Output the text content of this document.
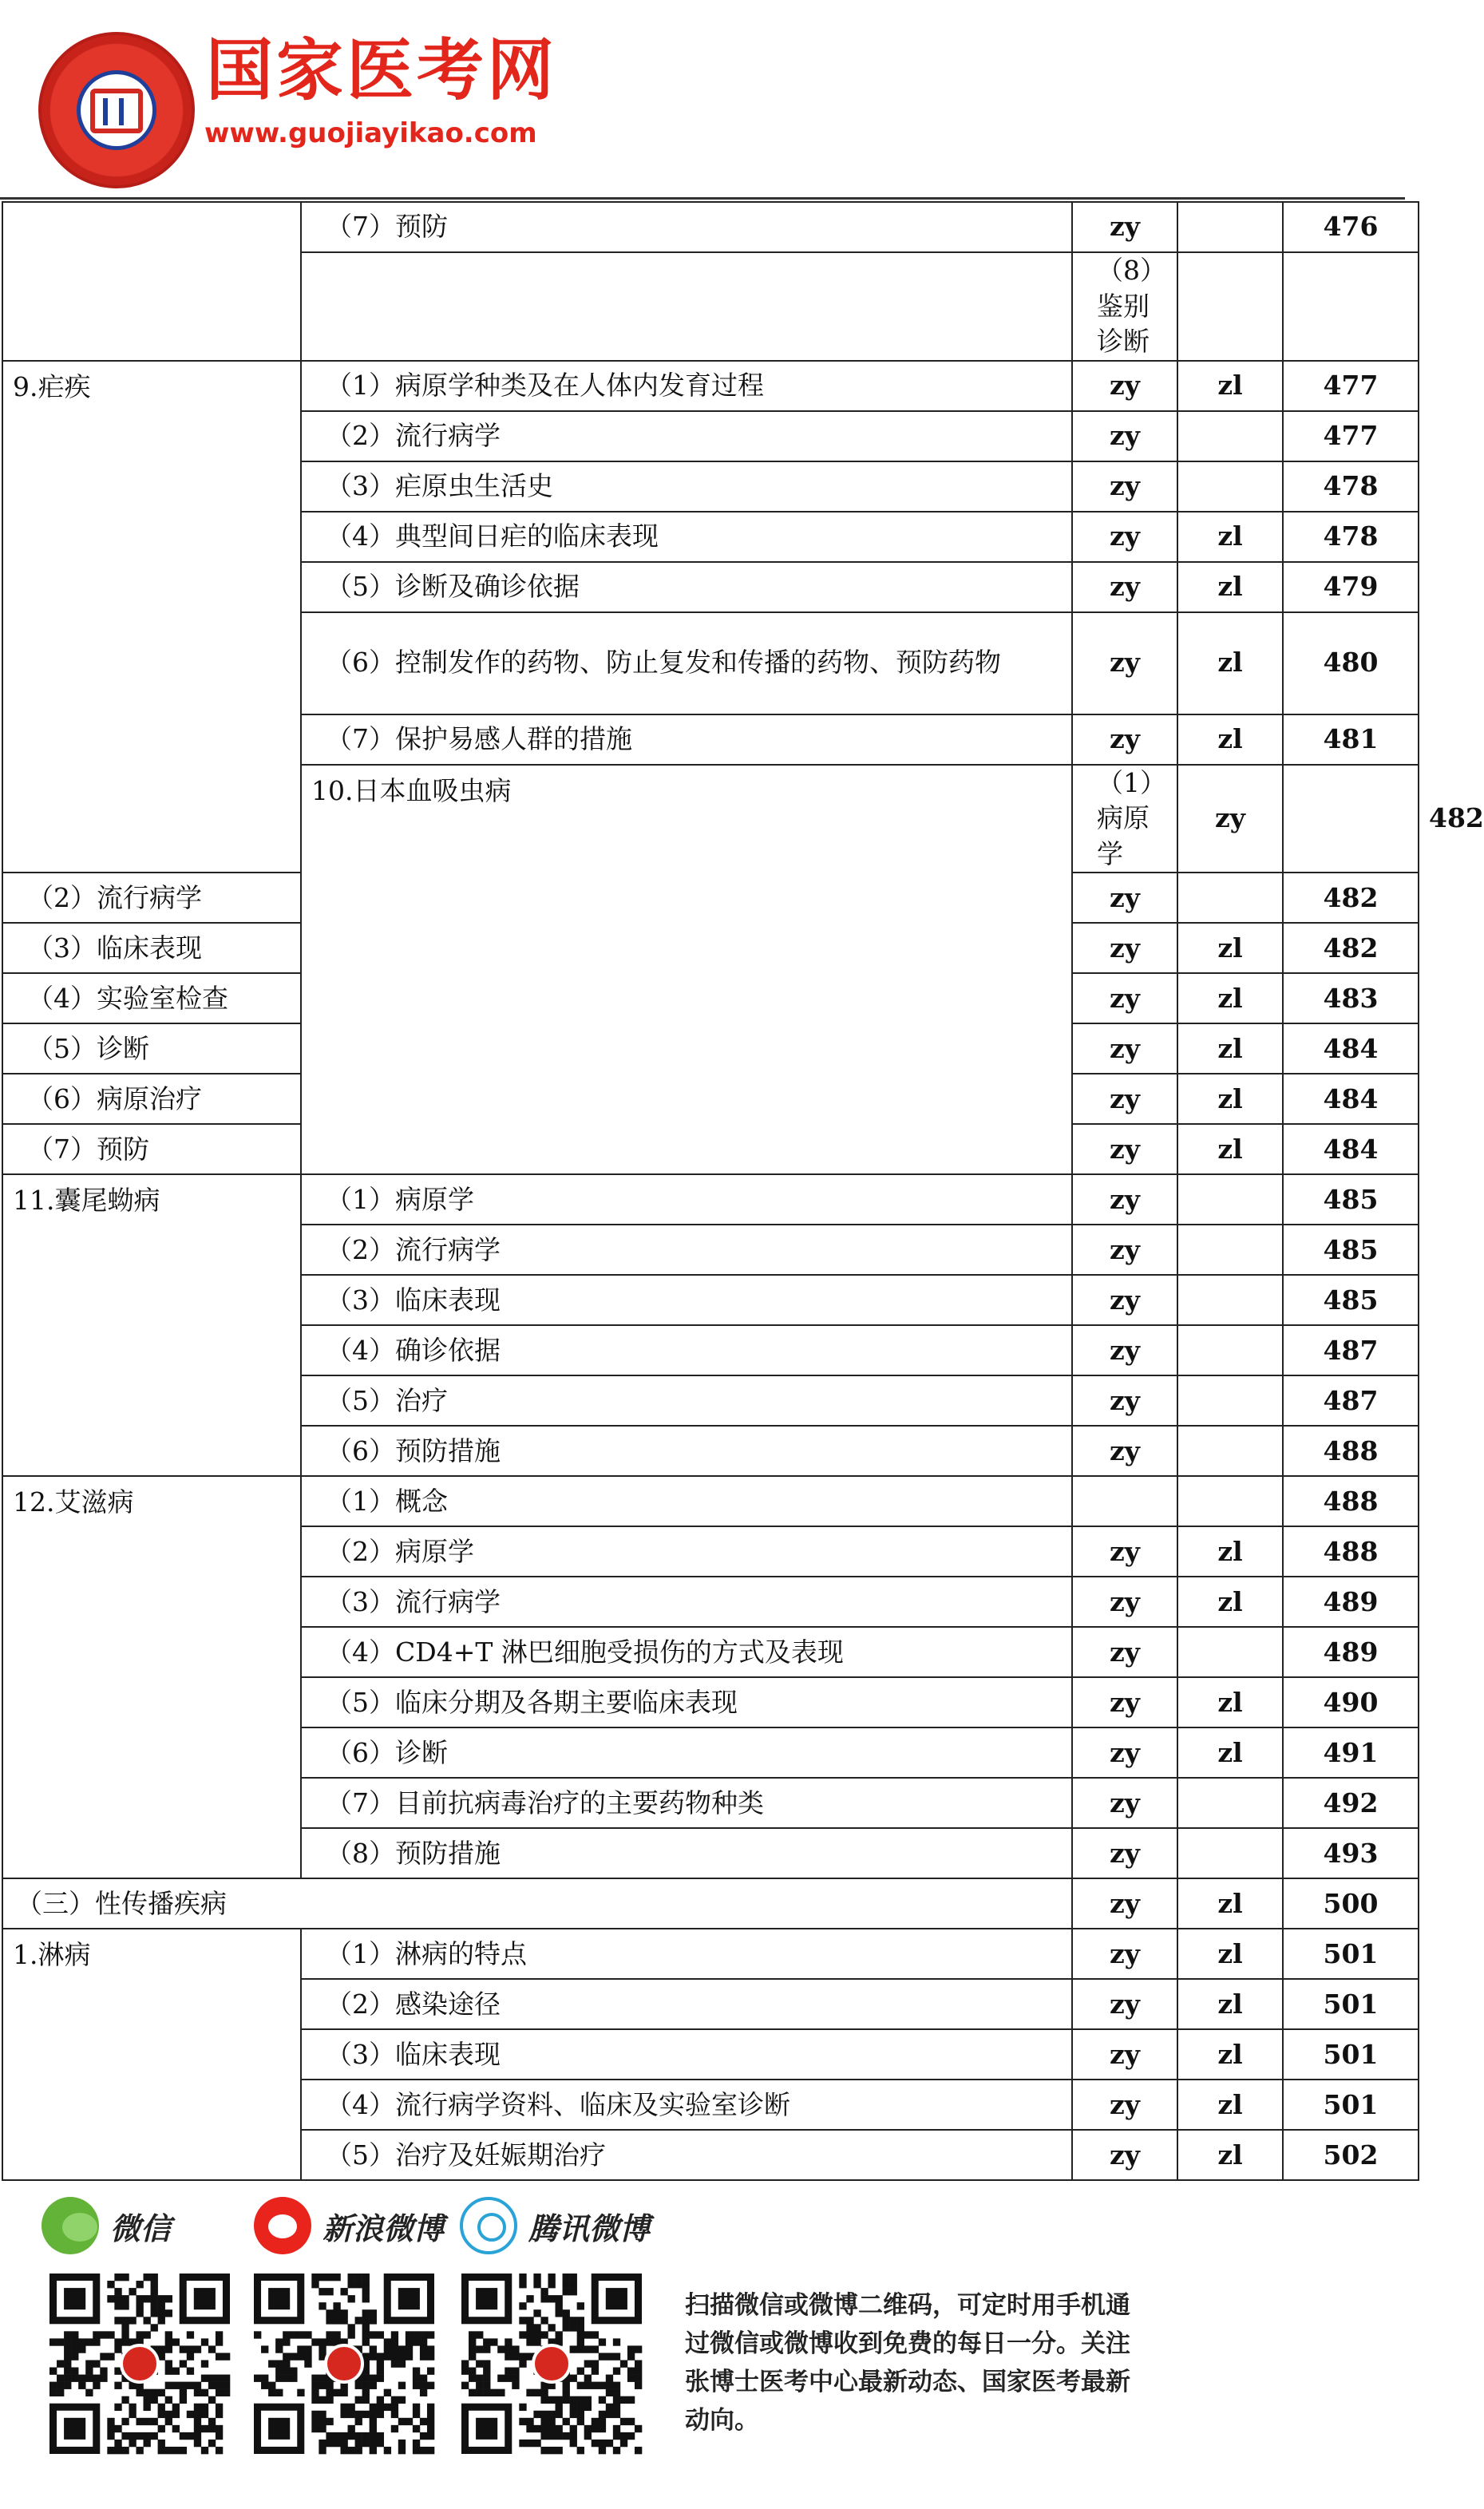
国家医考网
www.guojiayikao.com
	（7）预防	zy		476	
		（8）鉴别诊断			
9.疟疾	（1）病原学种类及在人体内发育过程	zy	zl	477	
	（2）流行病学	zy		477	
	（3）疟原虫生活史	zy		478	
	（4）典型间日疟的临床表现	zy	zl	478	
	（5）诊断及确诊依据	zy	zl	479	
	（6）控制发作的药物、防止复发和传播的药物、预防药物	zy	zl	480	
	（7）保护易感人群的措施	zy	zl	481	
	10.日本血吸虫病	（1）病原学	zy		482
（2）流行病学		zy		482	
（3）临床表现		zy	zl	482	
（4）实验室检查		zy	zl	483	
（5）诊断		zy	zl	484	
（6）病原治疗		zy	zl	484	
（7）预防		zy	zl	484	
11.囊尾蚴病	（1）病原学	zy		485	
	（2）流行病学	zy		485	
	（3）临床表现	zy		485	
	（4）确诊依据	zy		487	
	（5）治疗	zy		487	
	（6）预防措施	zy		488	
12.艾滋病	（1）概念			488	
	（2）病原学	zy	zl	488	
	（3）流行病学	zy	zl	489	
	（4）CD4+T 淋巴细胞受损伤的方式及表现	zy		489	
	（5）临床分期及各期主要临床表现	zy	zl	490	
	（6）诊断	zy	zl	491	
	（7）目前抗病毒治疗的主要药物种类	zy		492	
	（8）预防措施	zy		493	
（三）性传播疾病		zy	zl	500	
1.淋病	（1）淋病的特点	zy	zl	501	
	（2）感染途径	zy	zl	501	
	（3）临床表现	zy	zl	501	
	（4）流行病学资料、临床及实验室诊断	zy	zl	501	
	（5）治疗及妊娠期治疗	zy	zl	502	
微信	新浪微博	腾讯微博
扫描微信或微博二维码，可定时用手机通过微信或微博收到免费的每日一分。关注张博士医考中心最新动态、国家医考最新动向。
